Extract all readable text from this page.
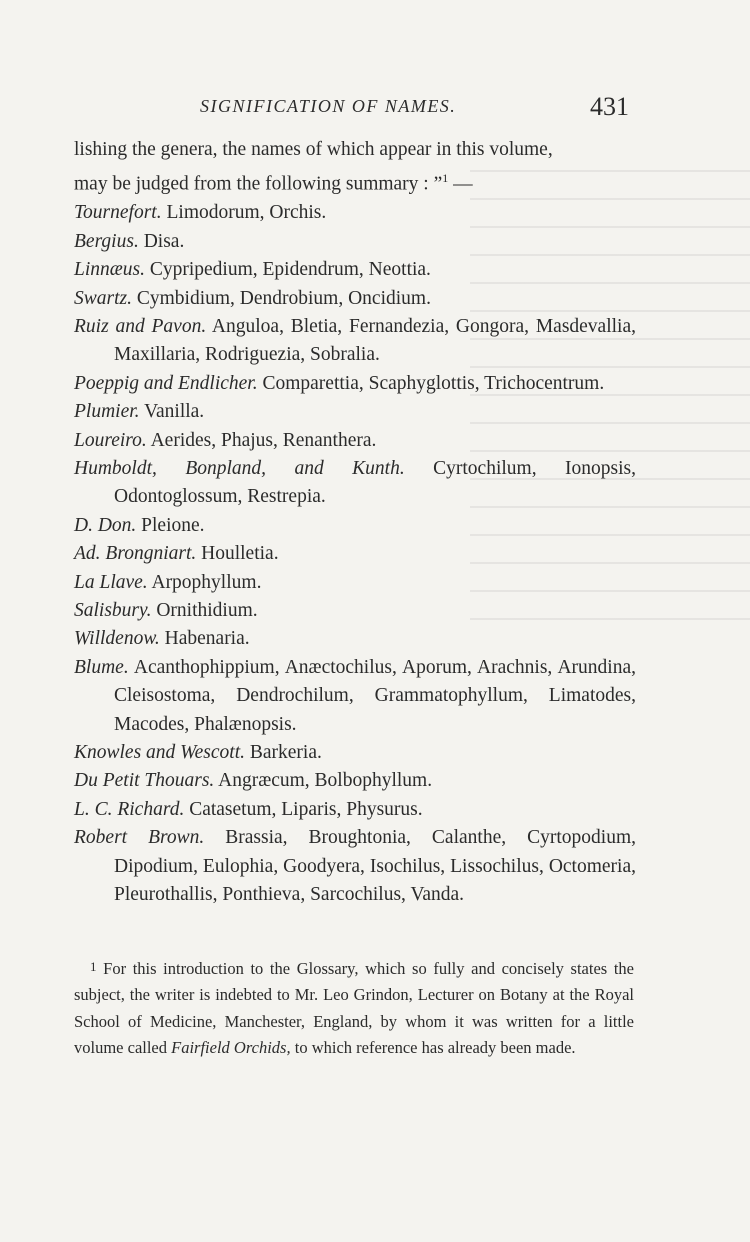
SIGNIFICATION OF NAMES.	431
lishing the genera, the names of which appear in this volume,
may be judged from the following summary : ”$^1$ —
Tournefort. Limodorum, Orchis.
Bergius. Disa.
Linnæus. Cypripedium, Epidendrum, Neottia.
Swartz. Cymbidium, Dendrobium, Oncidium.
Ruiz and Pavon. Anguloa, Bletia, Fernandezia, Gongora, Masdevallia, Maxillaria, Rodriguezia, Sobralia.
Poeppig and Endlicher. Comparettia, Scaphyglottis, Trichocentrum.
Plumier. Vanilla.
Loureiro. Aerides, Phajus, Renanthera.
Humboldt, Bonpland, and Kunth. Cyrtochilum, Ionopsis, Odontoglossum, Restrepia.
D. Don. Pleione.
Ad. Brongniart. Houlletia.
La Llave. Arpophyllum.
Salisbury. Ornithidium.
Willdenow. Habenaria.
Blume. Acanthophippium, Anæctochilus, Aporum, Arachnis, Arundina, Cleisostoma, Dendrochilum, Grammatophyllum, Limatodes, Macodes, Phalænopsis.
Knowles and Wescott. Barkeria.
Du Petit Thouars. Angræcum, Bolbophyllum.
L. C. Richard. Catasetum, Liparis, Physurus.
Robert Brown. Brassia, Broughtonia, Calanthe, Cyrtopodium, Dipodium, Eulophia, Goodyera, Isochilus, Lissochilus, Octomeria, Pleurothallis, Ponthieva, Sarcochilus, Vanda.
1 For this introduction to the Glossary, which so fully and concisely states the subject, the writer is indebted to Mr. Leo Grindon, Lecturer on Botany at the Royal School of Medicine, Manchester, England, by whom it was written for a little volume called Fairfield Orchids, to which reference has already been made.
